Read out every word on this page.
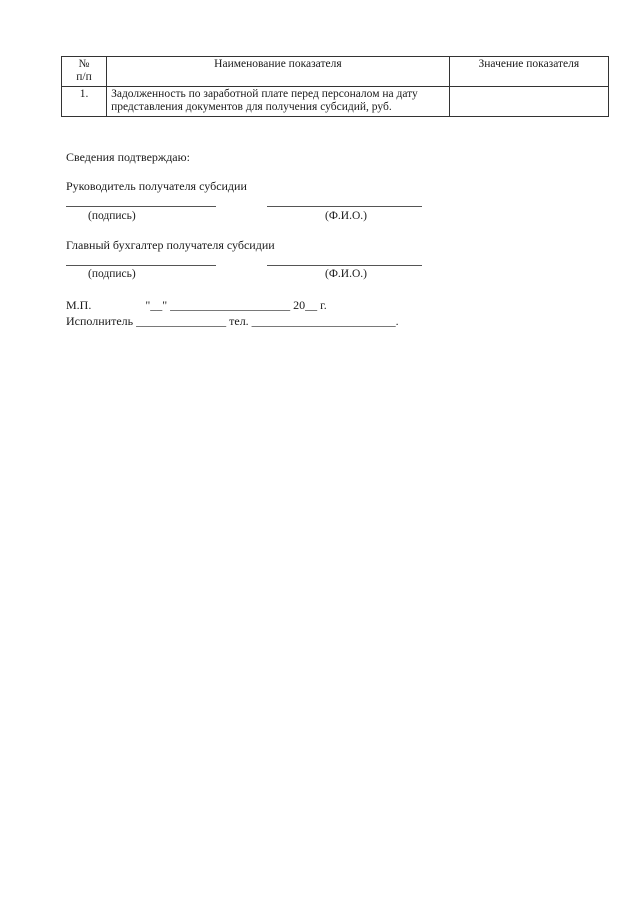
№
п/п	Наименование показателя	Значение показателя
1.	Задолженность по заработной плате перед персоналом на дату представления документов для получения субсидий, руб.	
Сведения подтверждаю:
Руководитель получателя субсидии
(подпись)	(Ф.И.О.)
Главный бухгалтер получателя субсидии
(подпись)	(Ф.И.О.)
М.П.                  "__" ____________________ 20__ г.
Исполнитель _______________ тел. ________________________.
